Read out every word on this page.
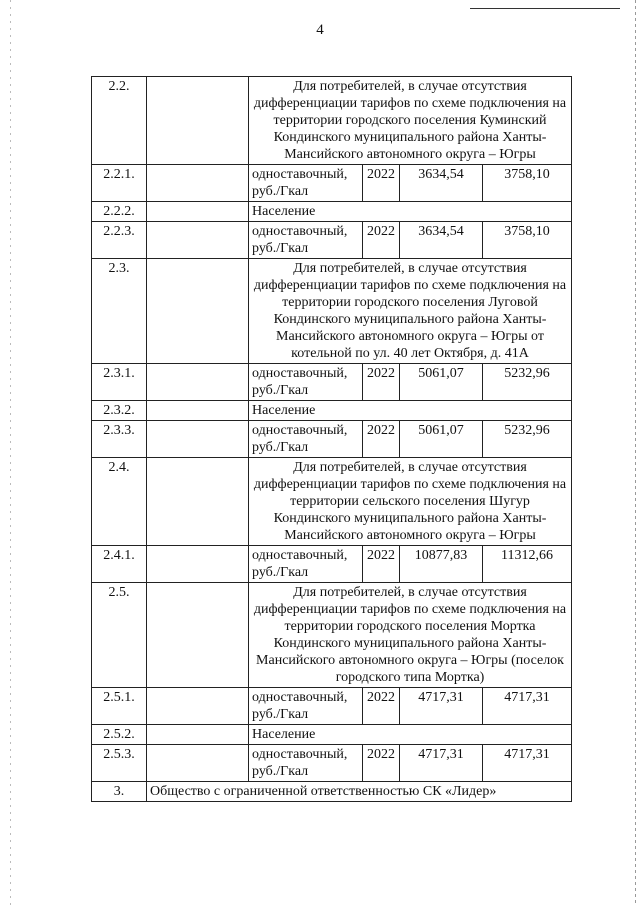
4
2.2.		Для потребителей, в случае отсутствия дифференциации тарифов по схеме подключения на территории городского поселения Куминский Кондинского муниципального района Ханты-Мансийского автономного округа – Югры			
2.2.1.		одноставочный, руб./Гкал	2022	3634,54	3758,10
2.2.2.		Население			
2.2.3.		одноставочный, руб./Гкал	2022	3634,54	3758,10
2.3.		Для потребителей, в случае отсутствия дифференциации тарифов по схеме подключения на территории городского поселения Луговой Кондинского муниципального района Ханты-Мансийского автономного округа – Югры от котельной по ул. 40 лет Октября, д. 41А			
2.3.1.		одноставочный, руб./Гкал	2022	5061,07	5232,96
2.3.2.		Население			
2.3.3.		одноставочный, руб./Гкал	2022	5061,07	5232,96
2.4.		Для потребителей, в случае отсутствия дифференциации тарифов по схеме подключения на территории сельского поселения Шугур Кондинского муниципального района Ханты-Мансийского автономного округа – Югры			
2.4.1.		одноставочный, руб./Гкал	2022	10877,83	11312,66
2.5.		Для потребителей, в случае отсутствия дифференциации тарифов по схеме подключения на территории городского поселения Мортка Кондинского муниципального района Ханты-Мансийского автономного округа – Югры (поселок городского типа Мортка)			
2.5.1.		одноставочный, руб./Гкал	2022	4717,31	4717,31
2.5.2.		Население			
2.5.3.		одноставочный, руб./Гкал	2022	4717,31	4717,31
3.	Общество с ограниченной ответственностью СК «Лидер»				
